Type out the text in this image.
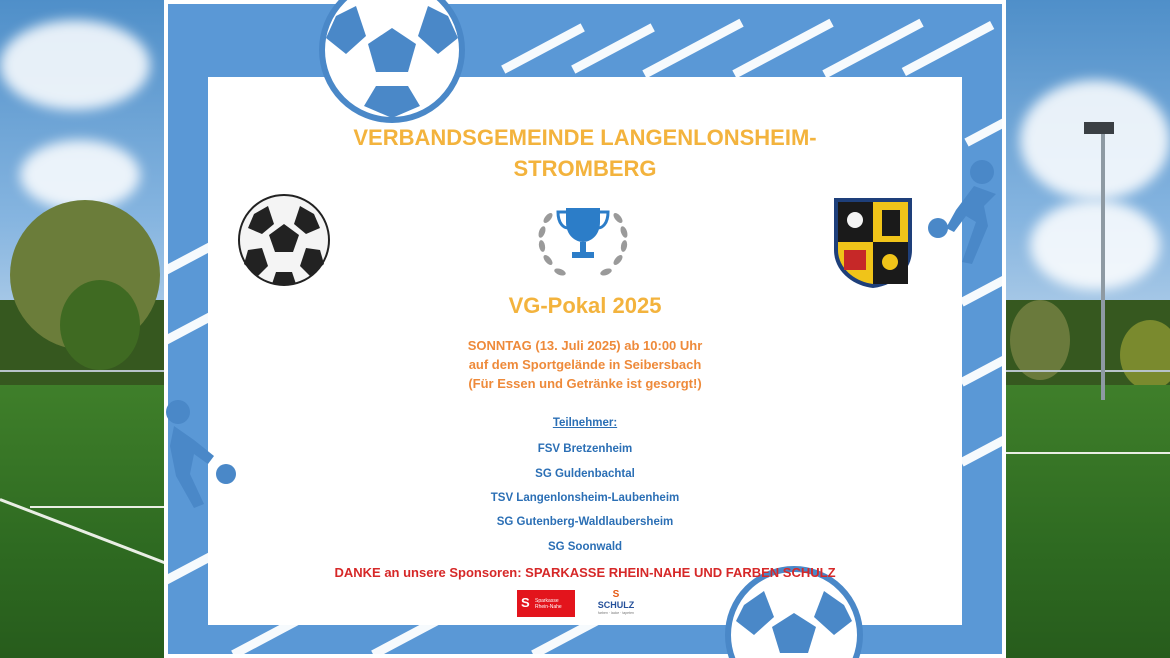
VERBANDSGEMEINDE LANGENLONSHEIM-
STROMBERG
VG-Pokal 2025
SONNTAG (13. Juli 2025) ab 10:00 Uhr
auf dem Sportgelände in Seibersbach
(Für Essen und Getränke ist gesorgt!)
Teilnehmer:
FSV Bretzenheim
SG Guldenbachtal
TSV Langenlonsheim-Laubenheim
SG Gutenberg-Waldlaubersheim
SG Soonwald
DANKE an unsere Sponsoren: SPARKASSE RHEIN-NAHE UND FARBEN SCHULZ
S Sparkasse
Rhein-Nahe
S
SCHULZ
farben · lacke · tapeten
